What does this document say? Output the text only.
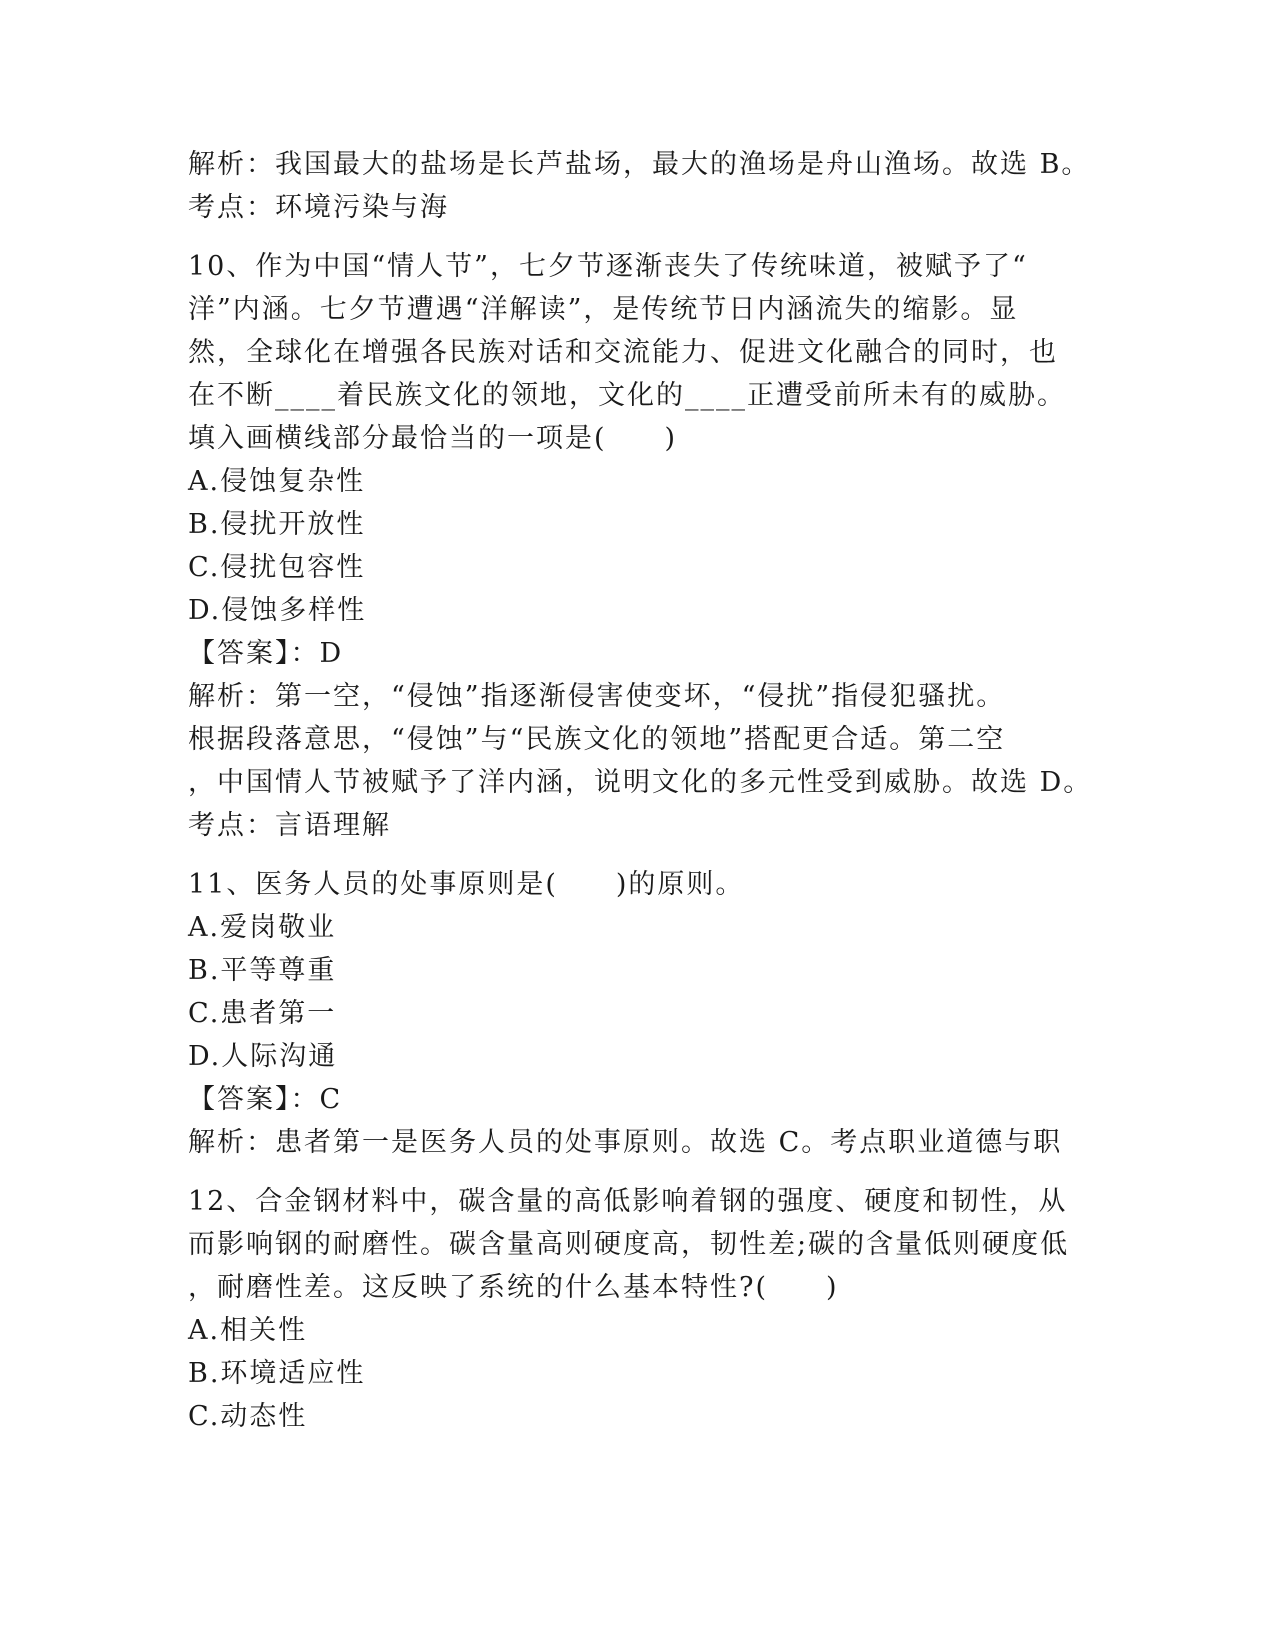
解析：我国最大的盐场是长芦盐场，最大的渔场是舟山渔场。故选 B。
考点：环境污染与海
10、作为中国“情人节”，七夕节逐渐丧失了传统味道，被赋予了“
洋”内涵。七夕节遭遇“洋解读”，是传统节日内涵流失的缩影。显
然，全球化在增强各民族对话和交流能力、促进文化融合的同时，也
在不断____着民族文化的领地，文化的____正遭受前所未有的威胁。
填入画横线部分最恰当的一项是(　　)
A.侵蚀复杂性
B.侵扰开放性
C.侵扰包容性
D.侵蚀多样性
【答案】：D
解析：第一空，“侵蚀”指逐渐侵害使变坏，“侵扰”指侵犯骚扰。
根据段落意思，“侵蚀”与“民族文化的领地”搭配更合适。第二空
，中国情人节被赋予了洋内涵，说明文化的多元性受到威胁。故选 D。
考点：言语理解
11、医务人员的处事原则是(　　)的原则。
A.爱岗敬业
B.平等尊重
C.患者第一
D.人际沟通
【答案】：C
解析：患者第一是医务人员的处事原则。故选 C。考点职业道德与职
12、合金钢材料中，碳含量的高低影响着钢的强度、硬度和韧性，从
而影响钢的耐磨性。碳含量高则硬度高，韧性差;碳的含量低则硬度低
，耐磨性差。这反映了系统的什么基本特性?(　　)
A.相关性
B.环境适应性
C.动态性
